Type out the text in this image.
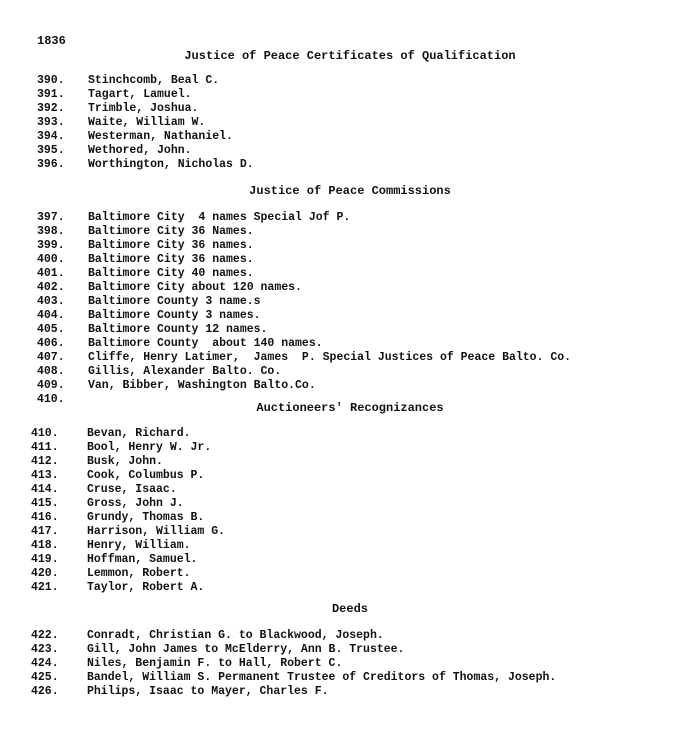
1836
Justice of Peace Certificates of Qualification
390. Stinchcomb, Beal C.
391. Tagart, Lamuel.
392. Trimble, Joshua.
393. Waite, William W.
394. Westerman, Nathaniel.
395. Wethored, John.
396. Worthington, Nicholas D.
Justice of Peace Commissions
397. Baltimore City  4 names Special Jof P.
398. Baltimore City 36 Names.
399. Baltimore City 36 names.
400. Baltimore City 36 names.
401. Baltimore City 40 names.
402. Baltimore City about 120 names.
403. Baltimore County 3 name.s
404. Baltimore County 3 names.
405. Baltimore County 12 names.
406. Baltimore County  about 140 names.
407. Cliffe, Henry Latimer,  James  P. Special Justices of Peace Balto. Co.
408. Gillis, Alexander Balto. Co.
409. Van, Bibber, Washington Balto.Co.
410.
Auctioneers' Recognizances
410. Bevan, Richard.
411. Bool, Henry W. Jr.
412. Busk, John.
413. Cook, Columbus P.
414. Cruse, Isaac.
415. Gross, John J.
416. Grundy, Thomas B.
417. Harrison, William G.
418. Henry, William.
419. Hoffman, Samuel.
420. Lemmon, Robert.
421. Taylor, Robert A.
Deeds
422. Conradt, Christian G. to Blackwood, Joseph.
423. Gill, John James to McElderry, Ann B. Trustee.
424. Niles, Benjamin F. to Hall, Robert C.
425. Bandel, William S. Permanent Trustee of Creditors of Thomas, Joseph.
426. Philips, Isaac to Mayer, Charles F.
